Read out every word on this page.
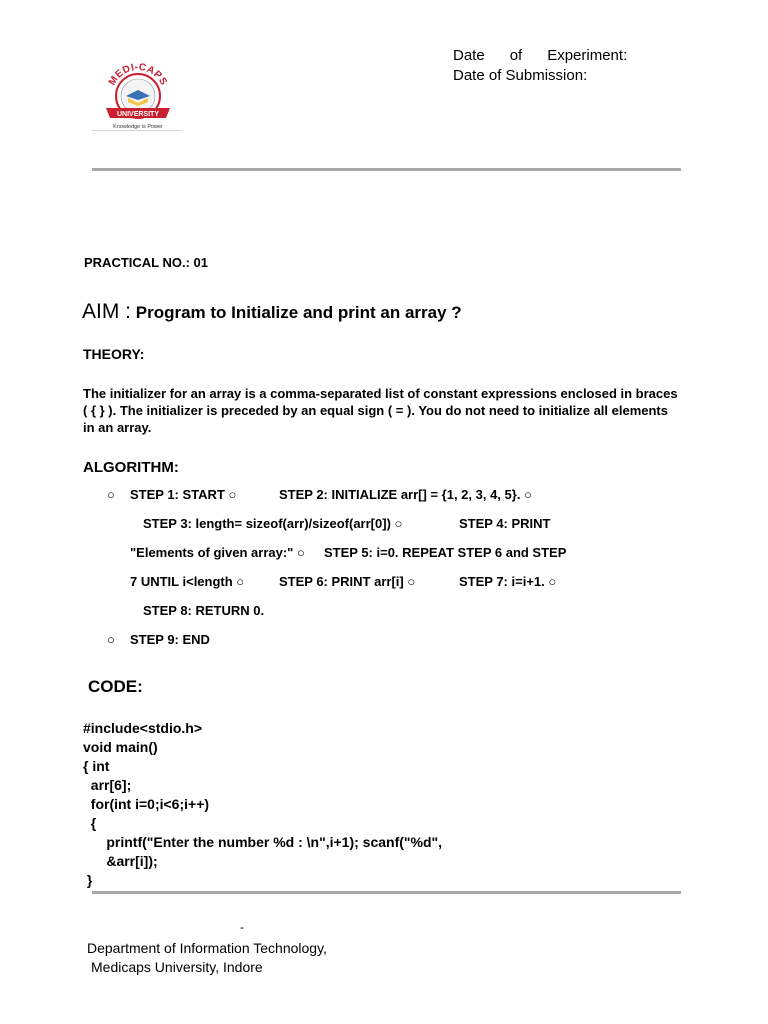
MEDI-CAPS
UNIVERSITY
Knowledge is Power
Date      of      Experiment:
Date of Submission:
PRACTICAL NO.: 01
AIM : Program to Initialize and print an array ?
THEORY:
The initializer for an array is a comma-separated list of constant expressions enclosed in braces ( { } ). The initializer is preceded by an equal sign ( = ). You do not need to initialize all elements in an array.
ALGORITHM:
○ STEP 1: START ○	STEP 2: INITIALIZE arr[] = {1, 2, 3, 4, 5}. ○
STEP 3: length= sizeof(arr)/sizeof(arr[0]) ○	STEP 4: PRINT
"Elements of given array:" ○ STEP 5: i=0. REPEAT STEP 6 and STEP
7 UNTIL i<length ○	STEP 6: PRINT arr[i] ○	STEP 7: i=i+1. ○
STEP 8: RETURN 0.
○ STEP 9: END
CODE:
#include<stdio.h>
void main()
{ int
arr[6];
for(int i=0;i<6;i++)
{
printf("Enter the number %d : \n",i+1); scanf("%d",
&arr[i]);
}
-
Department of Information Technology,
Medicaps University, Indore
